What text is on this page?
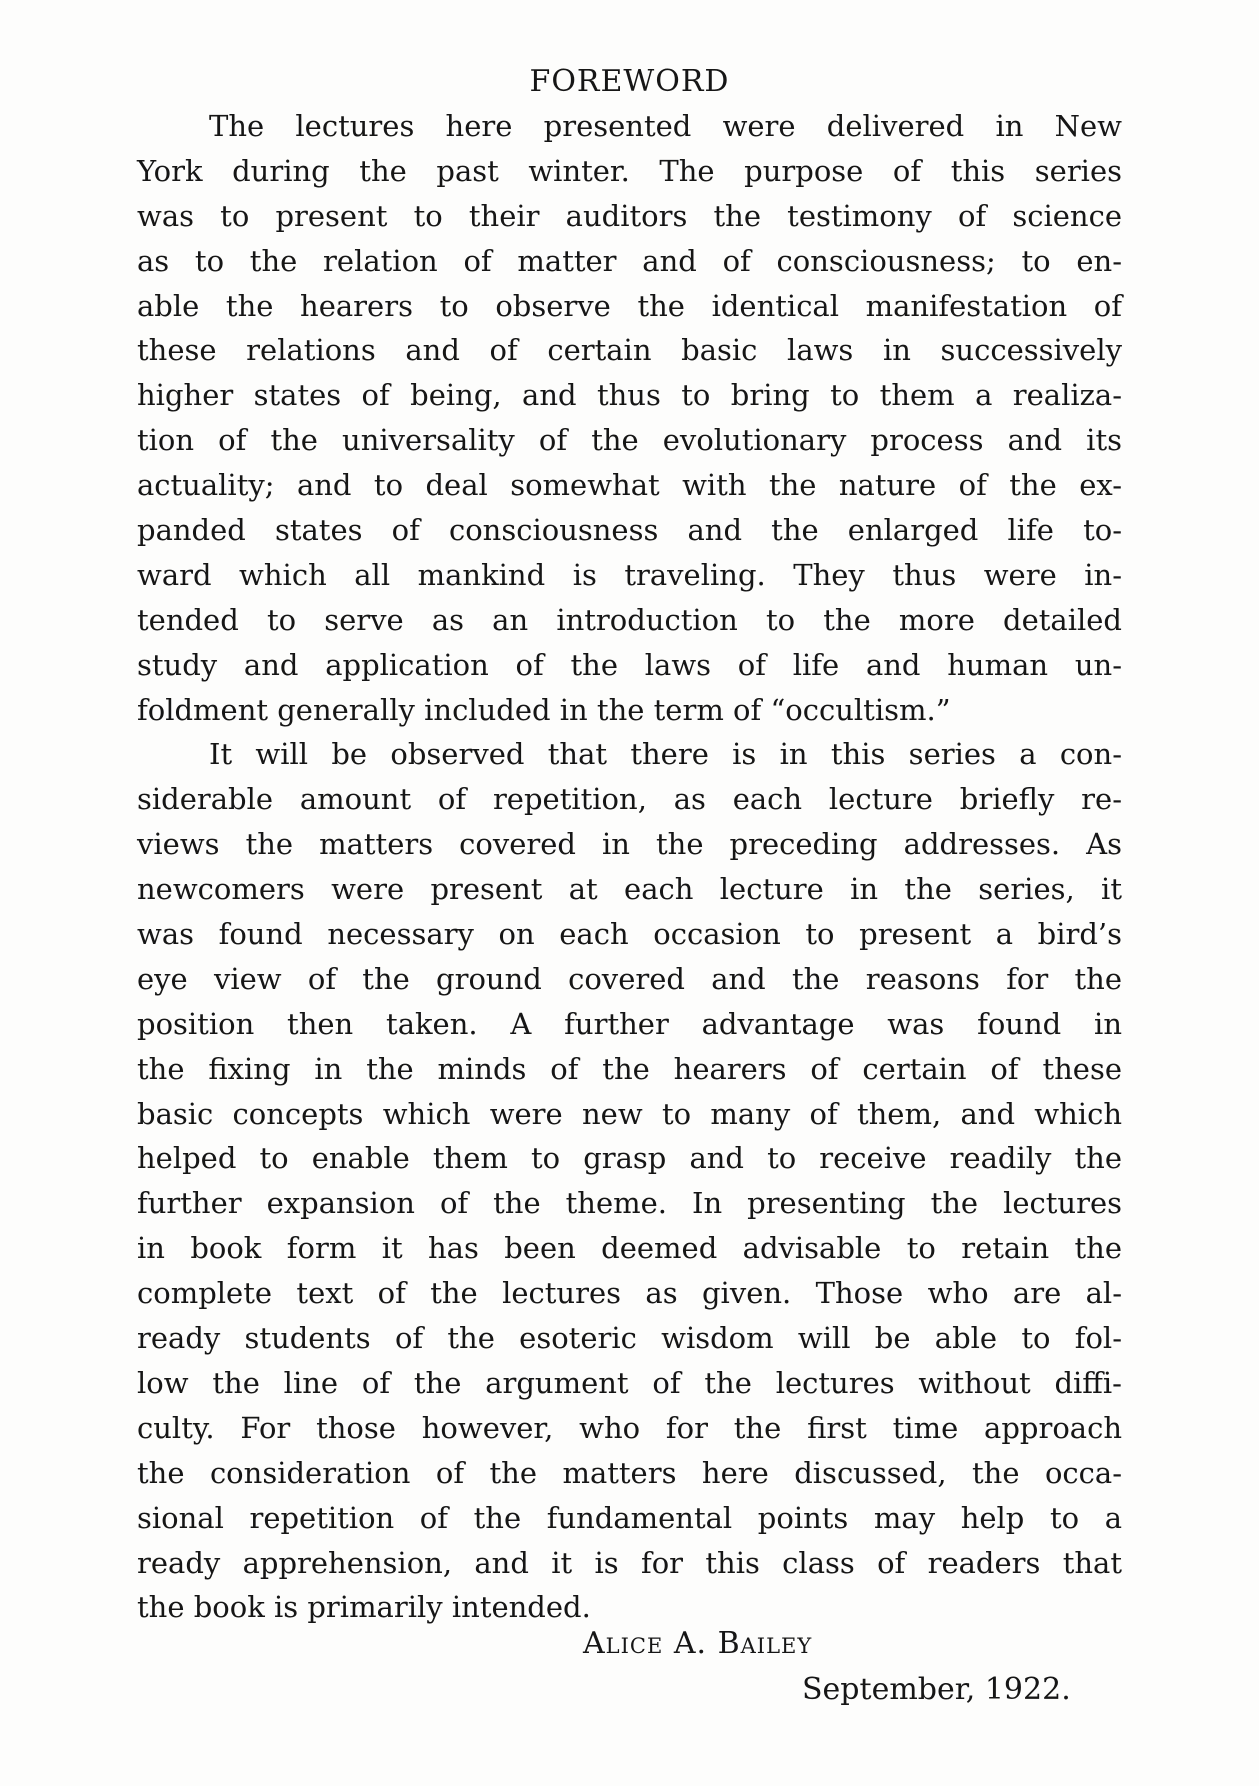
FOREWORD
The lectures here presented were delivered in New
York during the past winter. The purpose of this series
was to present to their auditors the testimony of science
as to the relation of matter and of consciousness; to en-
able the hearers to observe the identical manifestation of
these relations and of certain basic laws in successively
higher states of being, and thus to bring to them a realiza-
tion of the universality of the evolutionary process and its
actuality; and to deal somewhat with the nature of the ex-
panded states of consciousness and the enlarged life to-
ward which all mankind is traveling. They thus were in-
tended to serve as an introduction to the more detailed
study and application of the laws of life and human un-
foldment generally included in the term of “occultism.”
It will be observed that there is in this series a con-
siderable amount of repetition, as each lecture briefly re-
views the matters covered in the preceding addresses. As
newcomers were present at each lecture in the series, it
was found necessary on each occasion to present a bird’s
eye view of the ground covered and the reasons for the
position then taken. A further advantage was found in
the fixing in the minds of the hearers of certain of these
basic concepts which were new to many of them, and which
helped to enable them to grasp and to receive readily the
further expansion of the theme. In presenting the lectures
in book form it has been deemed advisable to retain the
complete text of the lectures as given. Those who are al-
ready students of the esoteric wisdom will be able to fol-
low the line of the argument of the lectures without diffi-
culty. For those however, who for the first time approach
the consideration of the matters here discussed, the occa-
sional repetition of the fundamental points may help to a
ready apprehension, and it is for this class of readers that
the book is primarily intended.
Alice A. Bailey
September, 1922.
